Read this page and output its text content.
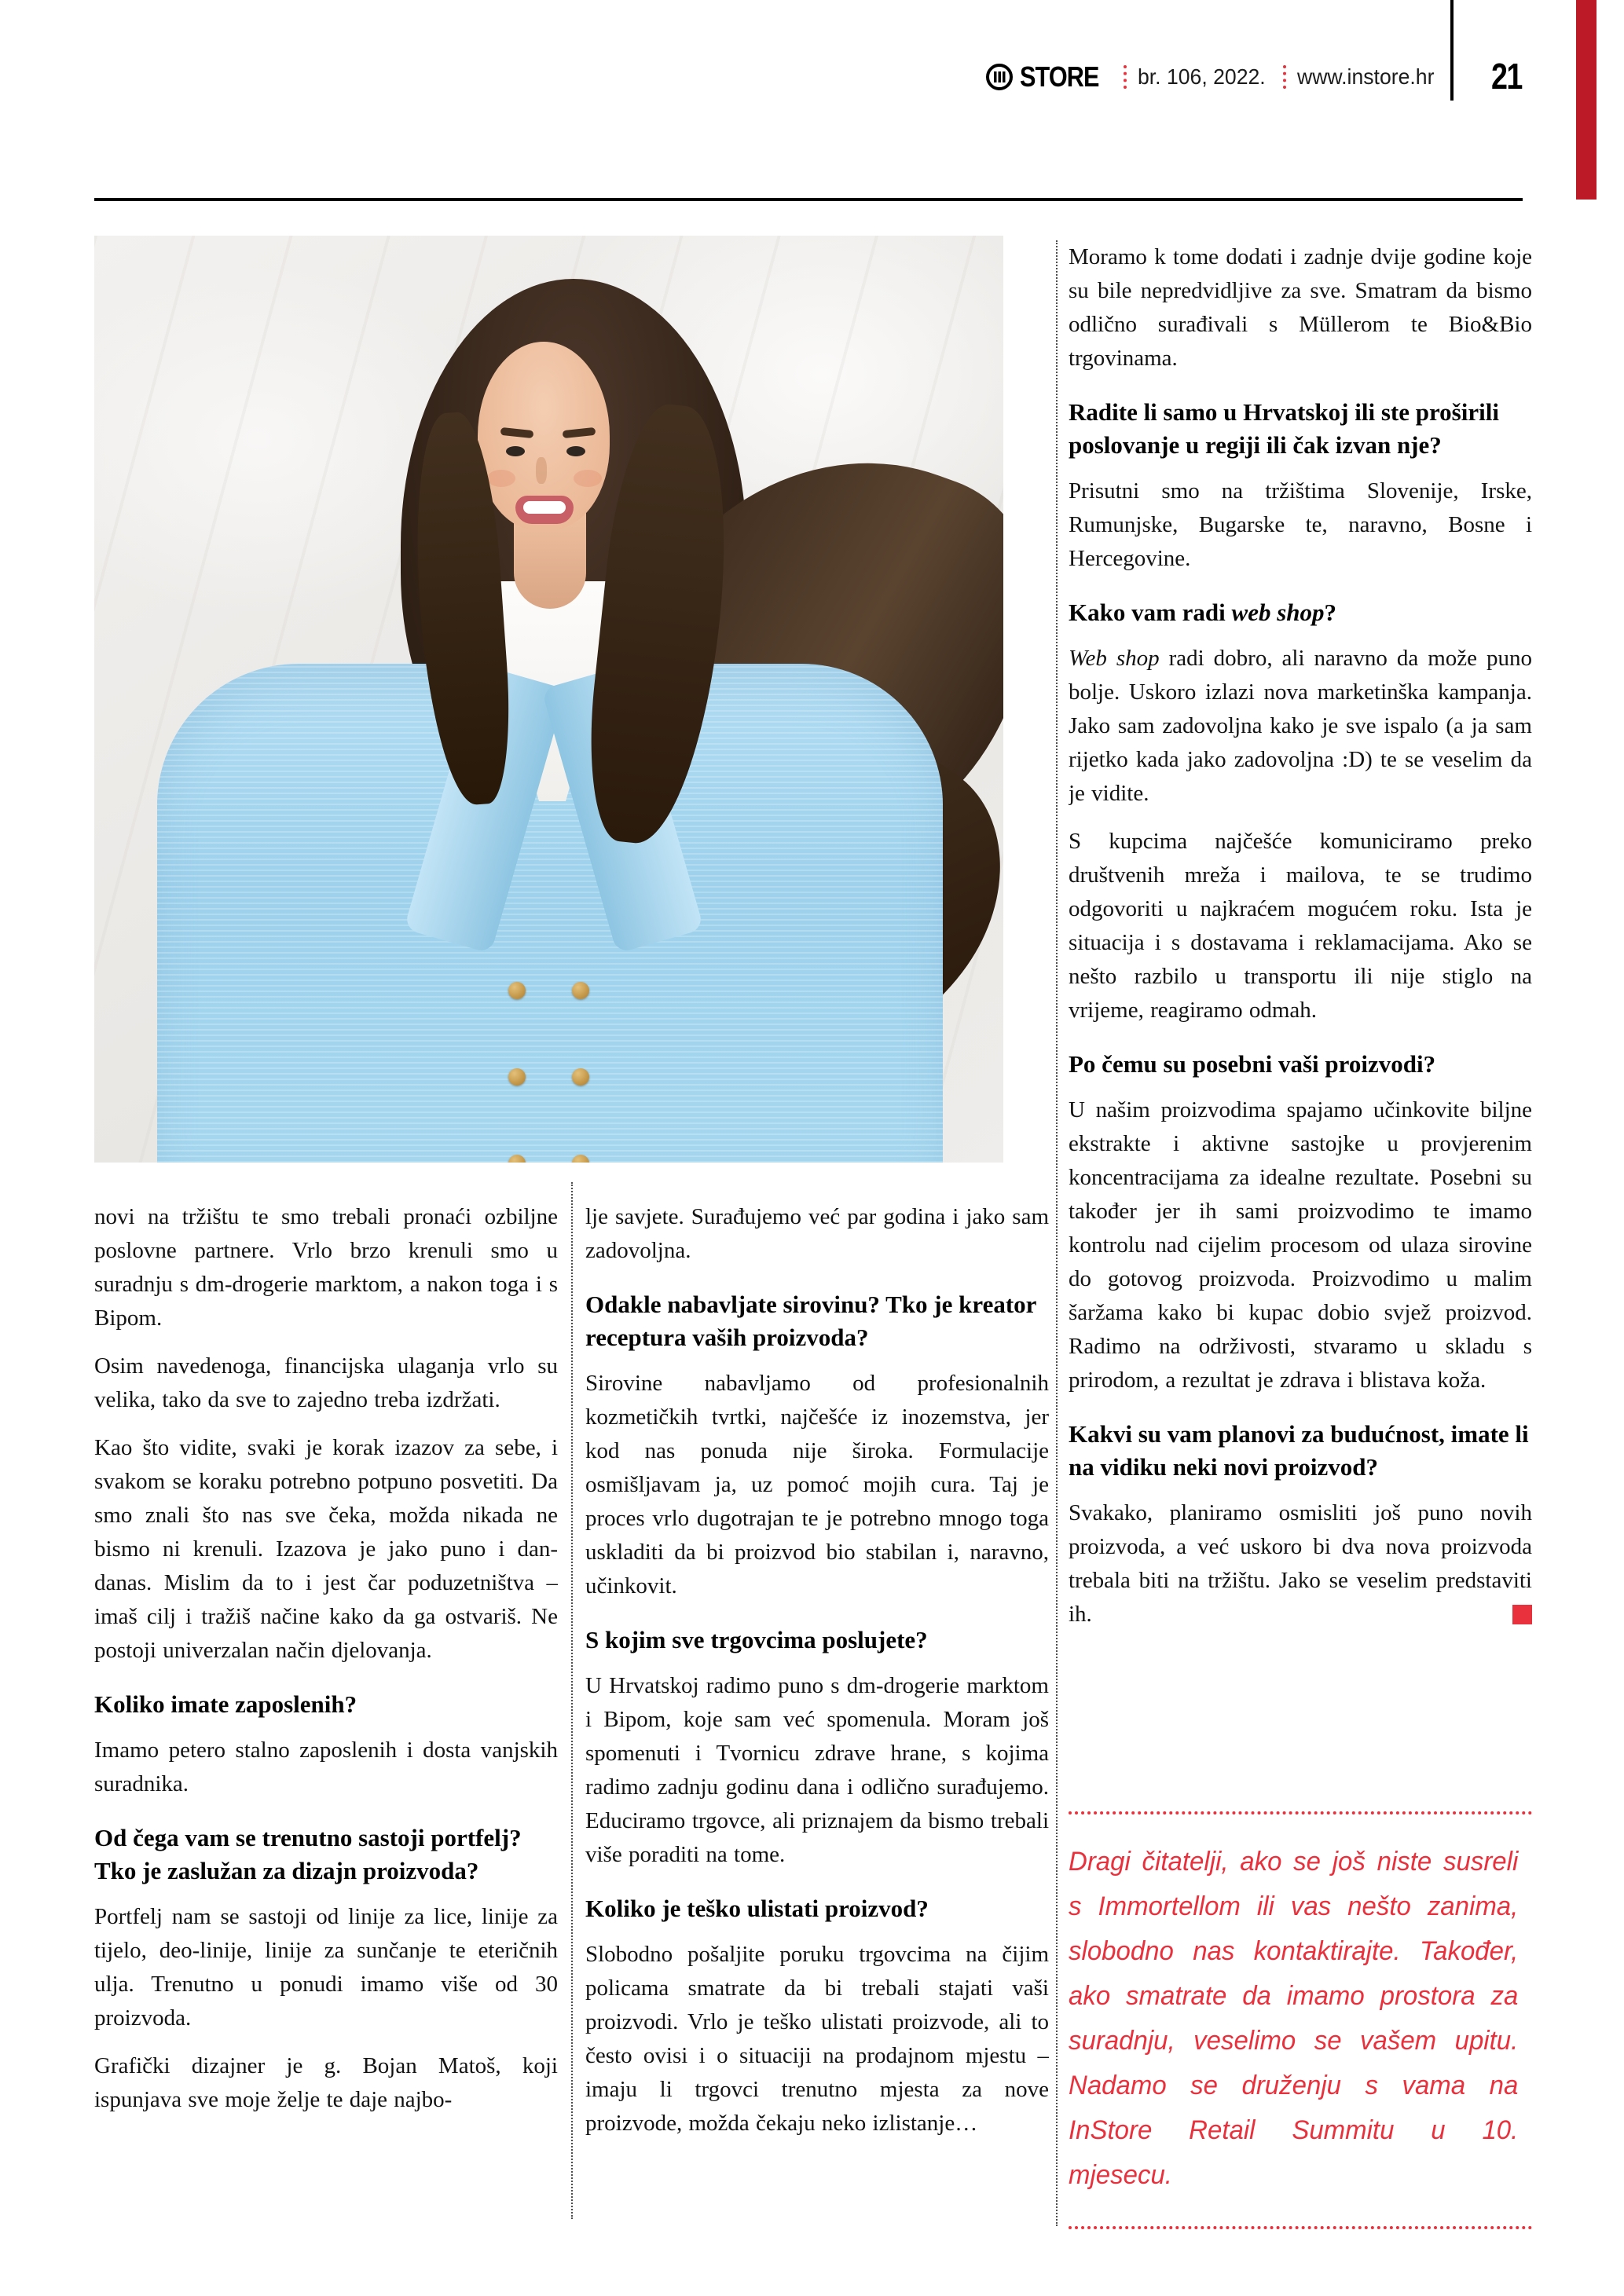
STORE br. 106, 2022. www.instore.hr 21

novi na tržištu te smo trebali pronaći ozbiljne poslovne partnere. Vrlo brzo krenuli smo u suradnju s dm-drogerie marktom, a nakon toga i s Bipom.

Osim navedenoga, financijska ulaganja vrlo su velika, tako da sve to zajedno treba izdržati.

Kao što vidite, svaki je korak izazov za sebe, i svakom se koraku potrebno potpuno posvetiti. Da smo znali što nas sve čeka, možda nikada ne bismo ni krenuli. Izazova je jako puno i dan-danas. Mislim da to i jest čar poduzetništva – imaš cilj i tražiš načine kako da ga ostvariš. Ne postoji univerzalan način djelovanja.

Koliko imate zaposlenih?

Imamo petero stalno zaposlenih i dosta vanjskih suradnika.

Od čega vam se trenutno sastoji portfelj? Tko je zaslužan za dizajn proizvoda?

Portfelj nam se sastoji od linije za lice, linije za tijelo, deo-linije, linije za sunčanje te eteričnih ulja. Trenutno u ponudi imamo više od 30 proizvoda.

Grafički dizajner je g. Bojan Matoš, koji ispunjava sve moje želje te daje najbo-

lje savjete. Surađujemo već par godina i jako sam zadovoljna.

Odakle nabavljate sirovinu? Tko je kreator receptura vaših proizvoda?

Sirovine nabavljamo od profesionalnih kozmetičkih tvrtki, najčešće iz inozemstva, jer kod nas ponuda nije široka. Formulacije osmišljavam ja, uz pomoć mojih cura. Taj je proces vrlo dugotrajan te je potrebno mnogo toga uskladiti da bi proizvod bio stabilan i, naravno, učinkovit.

S kojim sve trgovcima poslujete?

U Hrvatskoj radimo puno s dm-drogerie marktom i Bipom, koje sam već spomenula. Moram još spomenuti i Tvornicu zdrave hrane, s kojima radimo zadnju godinu dana i odlično surađujemo. Educiramo trgovce, ali priznajem da bismo trebali više poraditi na tome.

Koliko je teško ulistati proizvod?

Slobodno pošaljite poruku trgovcima na čijim policama smatrate da bi trebali stajati vaši proizvodi. Vrlo je teško ulistati proizvode, ali to često ovisi i o situaciji na prodajnom mjestu – imaju li trgovci trenutno mjesta za nove proizvode, možda čekaju neko izlistanje…

Moramo k tome dodati i zadnje dvije godine koje su bile nepredvidljive za sve. Smatram da bismo odlično surađivali s Müllerom te Bio&Bio trgovinama.

Radite li samo u Hrvatskoj ili ste proširili poslovanje u regiji ili čak izvan nje?

Prisutni smo na tržištima Slovenije, Irske, Rumunjske, Bugarske te, naravno, Bosne i Hercegovine.

Kako vam radi web shop?

Web shop radi dobro, ali naravno da može puno bolje. Uskoro izlazi nova marketinška kampanja. Jako sam zadovoljna kako je sve ispalo (a ja sam rijetko kada jako zadovoljna :D) te se veselim da je vidite.

S kupcima najčešće komuniciramo preko društvenih mreža i mailova, te se trudimo odgovoriti u najkraćem mogućem roku. Ista je situacija i s dostavama i reklamacijama. Ako se nešto razbilo u transportu ili nije stiglo na vrijeme, reagiramo odmah.

Po čemu su posebni vaši proizvodi?

U našim proizvodima spajamo učinkovite biljne ekstrakte i aktivne sastojke u provjerenim koncentracijama za idealne rezultate. Posebni su također jer ih sami proizvodimo te imamo kontrolu nad cijelim procesom od ulaza sirovine do gotovog proizvoda. Proizvodimo u malim šaržama kako bi kupac dobio svjež proizvod. Radimo na održivosti, stvaramo u skladu s prirodom, a rezultat je zdrava i blistava koža.

Kakvi su vam planovi za budućnost, imate li na vidiku neki novi proizvod?

Svakako, planiramo osmisliti još puno novih proizvoda, a već uskoro bi dva nova proizvoda trebala biti na tržištu. Jako se veselim predstaviti ih.

Dragi čitatelji, ako se još niste susreli s Immortellom ili vas nešto zanima, slobodno nas kontaktirajte. Također, ako smatrate da imamo prostora za suradnju, veselimo se vašem upitu. Nadamo se druženju s vama na InStore Retail Summitu u 10. mjesecu.
